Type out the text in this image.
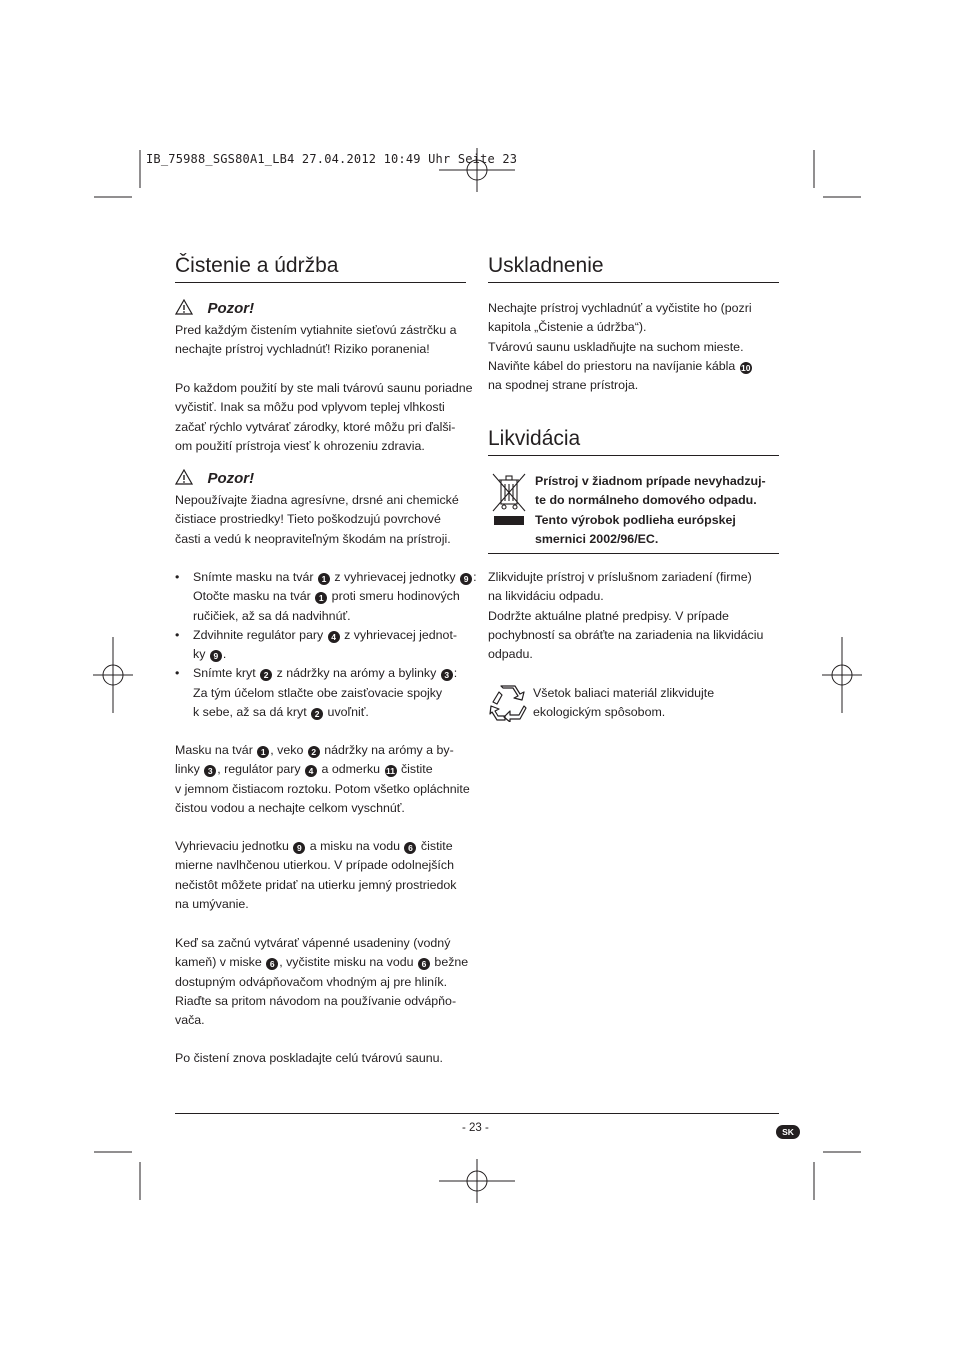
IB_75988_SGS80A1_LB4 27.04.2012 10:49 Uhr Seite 23
Čistenie a údržba
Pozor!
Pred každým čistením vytiahnite sieťovú zástrčku a
nechajte prístroj vychladnúť! Riziko poranenia!
Po každom použití by ste mali tvárovú saunu poriadne
vyčistiť. Inak sa môžu pod vplyvom teplej vlhkosti
začať rýchlo vytvárať zárodky, ktoré môžu pri ďalši-
om použití prístroja viesť k ohrozeniu zdravia.
Pozor!
Nepoužívajte žiadna agresívne, drsné ani chemické
čistiace prostriedky! Tieto poškodzujú povrchové
časti a vedú k neopraviteľným škodám na prístroji.
• Snímte masku na tvár 1 z vyhrievacej jednotky 9 :
Otočte masku na tvár 1 proti smeru hodinových
ručičiek, až sa dá nadvihnúť.
• Zdvihnite regulátor pary 4 z vyhrievacej jednot-
ky 9 .
• Snímte kryt 2 z nádržky na arómy a bylinky 3 :
Za tým účelom stlačte obe zaisťovacie spojky
k sebe, až sa dá kryt 2 uvoľniť.
Masku na tvár 1 , veko 2 nádržky na arómy a by-
linky 3 , regulátor pary 4 a odmerku 11 čistite
v jemnom čistiacom roztoku. Potom všetko opláchnite
čistou vodou a nechajte celkom vyschnúť.
Vyhrievaciu jednotku 9 a misku na vodu 6 čistite
mierne navlhčenou utierkou. V prípade odolnejších
nečistôt môžete pridať na utierku jemný prostriedok
na umývanie.
Keď sa začnú vytvárať vápenné usadeniny (vodný
kameň) v miske 6 , vyčistite misku na vodu 6 bežne
dostupným odvápňovačom vhodným aj pre hliník.
Riaďte sa pritom návodom na používanie odvápňo-
vača.
Po čistení znova poskladajte celú tvárovú saunu.
Uskladnenie
Nechajte prístroj vychladnúť a vyčistite ho (pozri
kapitola „Čistenie a údržba“).
Tvárovú saunu uskladňujte na suchom mieste.
Naviňte kábel do priestoru na navíjanie kábla 10
na spodnej strane prístroja.
Likvidácia
Prístroj v žiadnom prípade nevyhadzuj-
te do normálneho domového odpadu.
Tento výrobok podlieha európskej
smernici 2002/96/EC.
Zlikvidujte prístroj v príslušnom zariadení (firme)
na likvidáciu odpadu.
Dodržte aktuálne platné predpisy. V prípade
pochybností sa obráťte na zariadenia na likvidáciu
odpadu.
Všetok baliaci materiál zlikvidujte
ekologickým spôsobom.
- 23 -	SK
